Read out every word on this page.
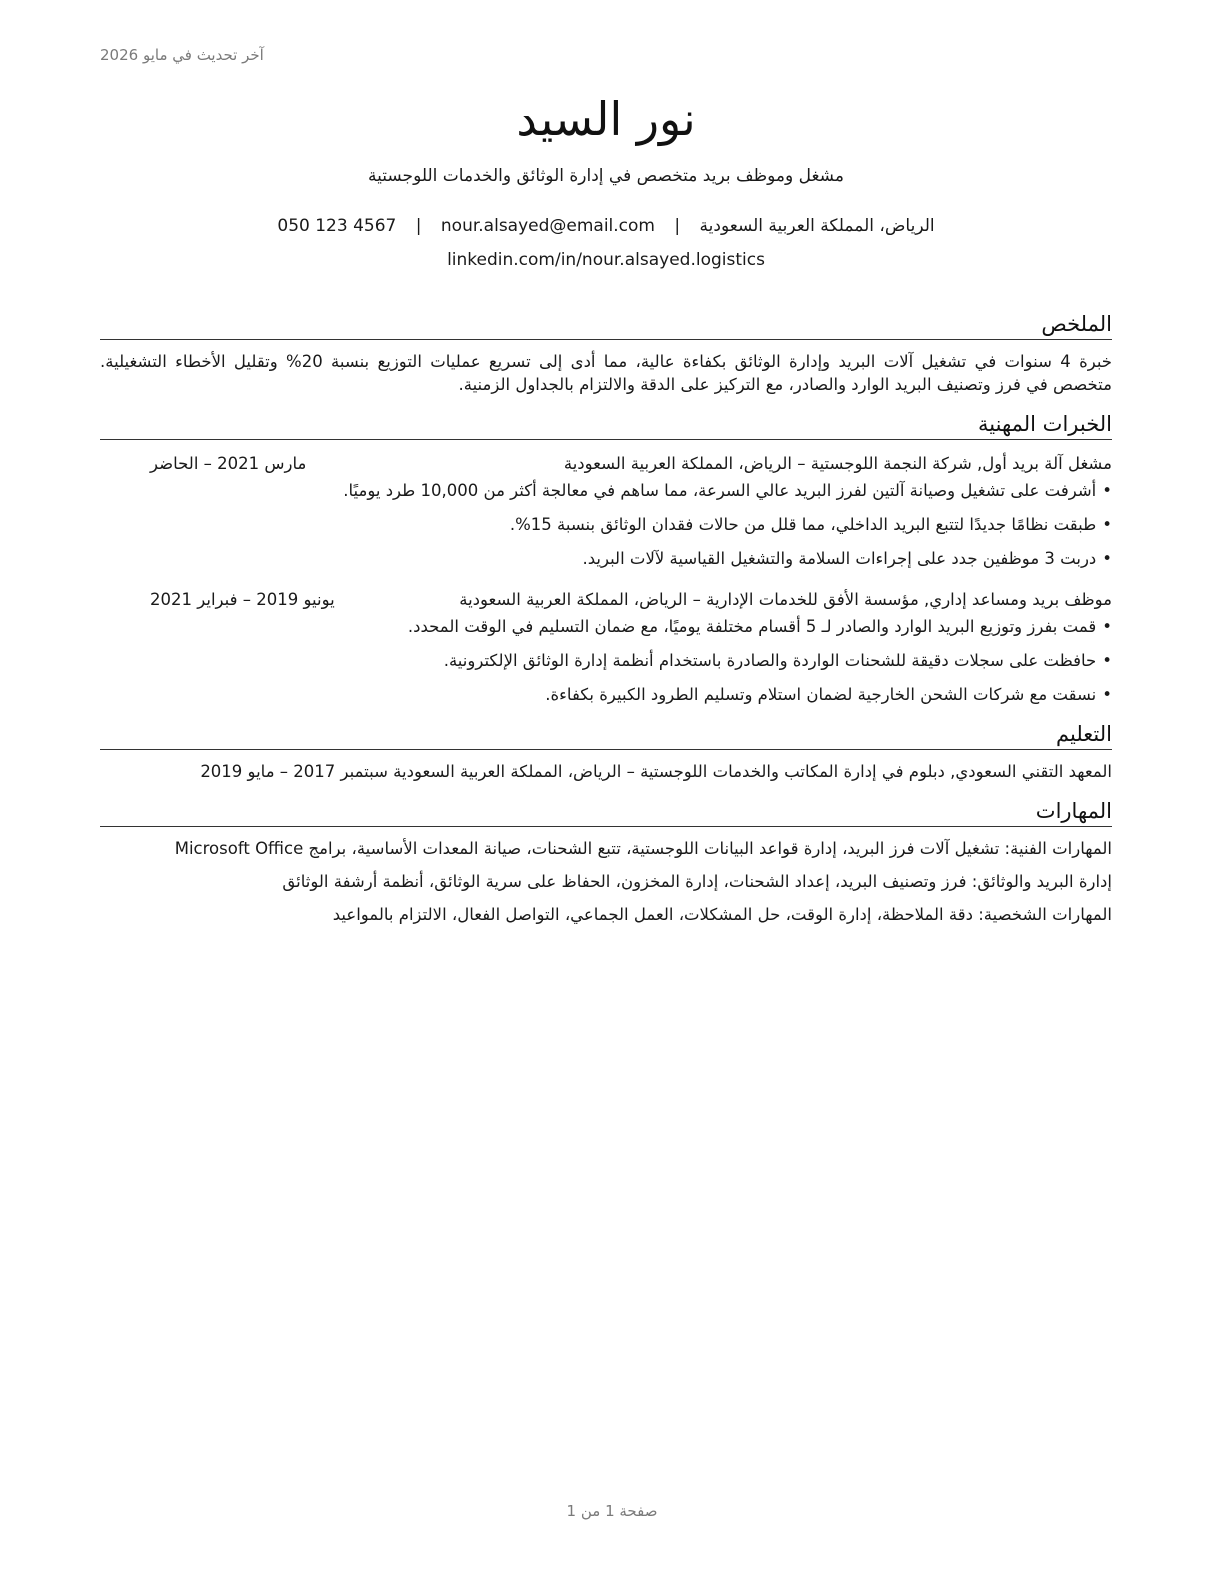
آخر تحديث في مايو 2026
نور السيد
مشغل وموظف بريد متخصص في إدارة الوثائق والخدمات اللوجستية
الرياض، المملكة العربية السعودية | nour.alsayed@email.com | 050 123 4567
linkedin.com/in/nour.alsayed.logistics
الملخص

خبرة 4 سنوات في تشغيل آلات البريد وإدارة الوثائق بكفاءة عالية، مما أدى إلى تسريع عمليات التوزيع بنسبة 20% وتقليل الأخطاء التشغيلية. متخصص في فرز وتصنيف البريد الوارد والصادر، مع التركيز على الدقة والالتزام بالجداول الزمنية.

الخبرات المهنية
مشغل آلة بريد أول, شركة النجمة اللوجستية – الرياض، المملكة العربية السعودية
مارس 2021 – الحاضر
•أشرفت على تشغيل وصيانة آلتين لفرز البريد عالي السرعة، مما ساهم في معالجة أكثر من 10,000 طرد يوميًا.
•طبقت نظامًا جديدًا لتتبع البريد الداخلي، مما قلل من حالات فقدان الوثائق بنسبة 15%.
•دربت 3 موظفين جدد على إجراءات السلامة والتشغيل القياسية لآلات البريد.
موظف بريد ومساعد إداري, مؤسسة الأفق للخدمات الإدارية – الرياض، المملكة العربية السعودية
يونيو 2019 – فبراير 2021
•قمت بفرز وتوزيع البريد الوارد والصادر لـ 5 أقسام مختلفة يوميًا، مع ضمان التسليم في الوقت المحدد.
•حافظت على سجلات دقيقة للشحنات الواردة والصادرة باستخدام أنظمة إدارة الوثائق الإلكترونية.
•نسقت مع شركات الشحن الخارجية لضمان استلام وتسليم الطرود الكبيرة بكفاءة.
التعليم

المعهد التقني السعودي, دبلوم في إدارة المكاتب والخدمات اللوجستية – الرياض، المملكة العربية السعودية سبتمبر 2017 – مايو 2019

المهارات
المهارات الفنية: تشغيل آلات فرز البريد، إدارة قواعد البيانات اللوجستية، تتبع الشحنات، صيانة المعدات الأساسية، برامج Microsoft Office
إدارة البريد والوثائق: فرز وتصنيف البريد، إعداد الشحنات، إدارة المخزون، الحفاظ على سرية الوثائق، أنظمة أرشفة الوثائق
المهارات الشخصية: دقة الملاحظة، إدارة الوقت، حل المشكلات، العمل الجماعي، التواصل الفعال، الالتزام بالمواعيد
صفحة 1 من 1
